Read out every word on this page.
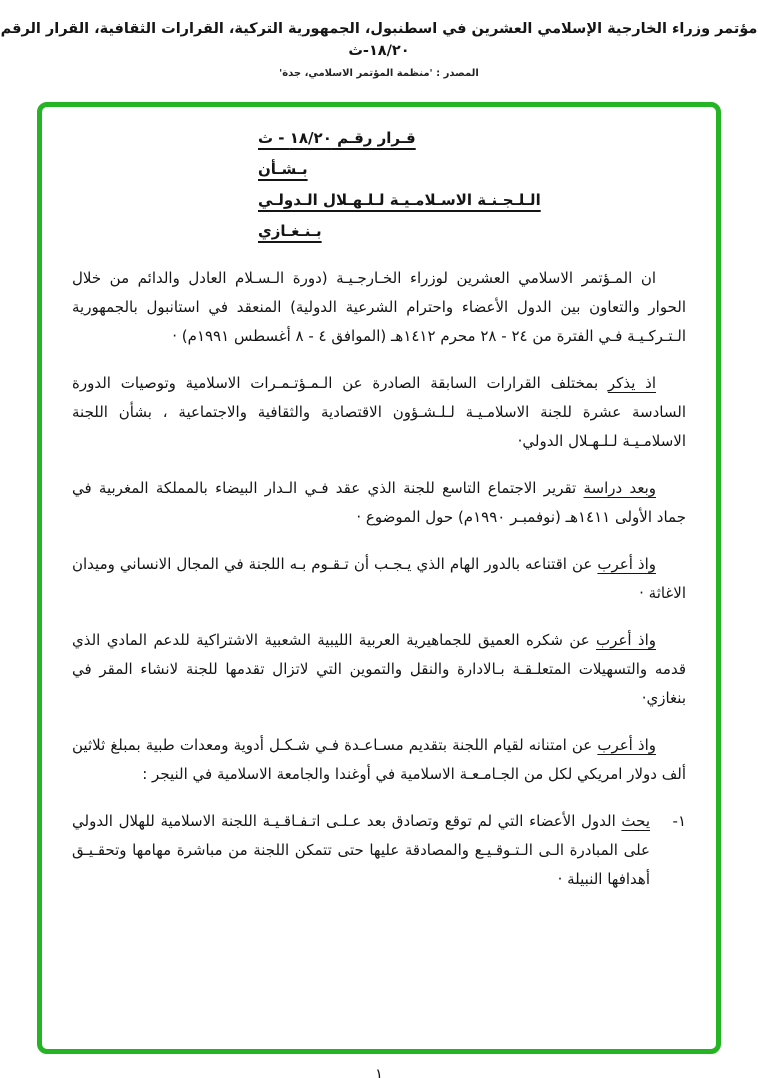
مؤتمر وزراء الخارجية الإسلامي العشرين في اسطنبول، الجمهورية التركية، القرارات الثقافية، القرار الرقم ١٨/٢٠-ث
المصدر : 'منظمة المؤتمر الاسلامي، جدة'
قـرار رقـم ١٨/٢٠ - ث
بـشـأن
الـلـجـنـة الاسـلامـيـة لـلـهـلال الـدولـي
بـنـغـازي

ان المـؤتمر الاسلامي العشرين لوزراء الخـارجـيـة (دورة الـسـلام العادل والدائم من خلال الحوار والتعاون بين الدول الأعضاء واحترام الشرعية الدولية) المنعقد في استانبول بالجمهورية الـتـركـيـة فـي الفترة من ٢٤ - ٢٨ محرم ١٤١٢هـ (الموافق ٤ - ٨ أغسطس ١٩٩١م) ·

اذ يذكر بمختلف القرارات السابقة الصادرة عن الـمـؤتـمـرات الاسلامية وتوصيات الدورة السادسة عشرة للجنة الاسلامـيـة لـلـشـؤون الاقتصادية والثقافية والاجتماعية ، بشأن اللجنة الاسلامـيـة لـلـهـلال الدولي·

وبعد دراسة تقرير الاجتماع التاسع للجنة الذي عقد فـي الـدار البيضاء بالمملكة المغربية في جماد الأولى ١٤١١هـ (نوفمبـر ١٩٩٠م) حول الموضوع ·

واذ أعرب عن اقتناعه بالدور الهام الذي يـجـب أن تـقـوم بـه اللجنة في المجال الانساني وميدان الاغاثة ·

واذ أعرب عن شكره العميق للجماهيرية العربية الليبية الشعبية الاشتراكية للدعم المادي الذي قدمه والتسهيلات المتعلـقـة بـالادارة والنقل والتموين التي لاتزال تقدمها للجنة لانشاء المقر في بنغازي·

واذ أعرب عن امتنانه لقيام اللجنة بتقديم مسـاعـدة فـي شـكـل أدوية ومعدات طبية بمبلغ ثلاثين ألف دولار امريكي لكل من الجـامـعـة الاسلامية في أوغندا والجامعة الاسلامية في النيجر :

١-
يحث الدول الأعضاء التي لم توقع وتصادق بعد عـلـى اتـفـاقـيـة اللجنة الاسلامية للهلال الدولي على المبادرة الـى الـتـوقـيـع والمصادقة عليها حتى تتمكن اللجنة من مباشرة مهامها وتحقـيـق أهدافها النبيلة ·
١
